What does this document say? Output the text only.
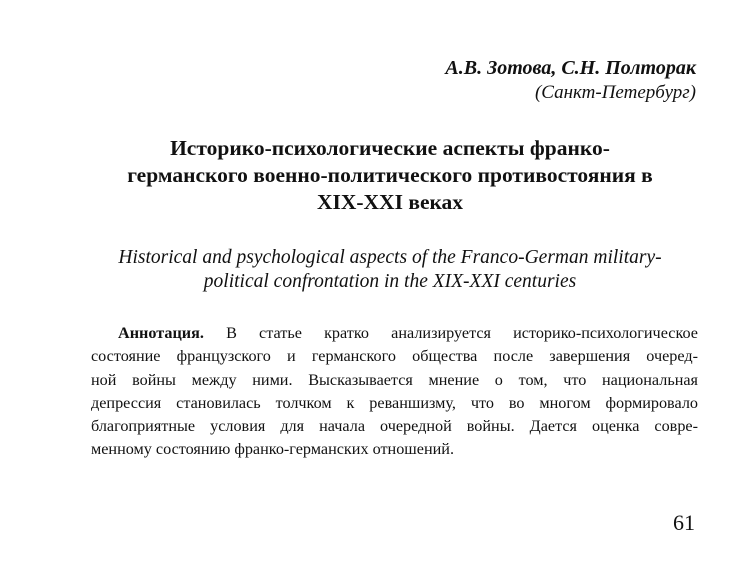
А.В. Зотова, С.Н. Полторак
(Санкт-Петербург)
Историко-психологические аспекты франко-
германского военно-политического противостояния в
XIX-XXI веках
Historical and psychological aspects of the Franco-German military-
political confrontation in the XIX-XXI centuries
Аннотация. В статье кратко анализируется историко-психологическое
состояние французского и германского общества после завершения очеред-
ной войны между ними. Высказывается мнение о том, что национальная
депрессия становилась толчком к реваншизму, что во многом формировало
благоприятные условия для начала очередной войны. Дается оценка совре-
менному состоянию франко-германских отношений.
61
